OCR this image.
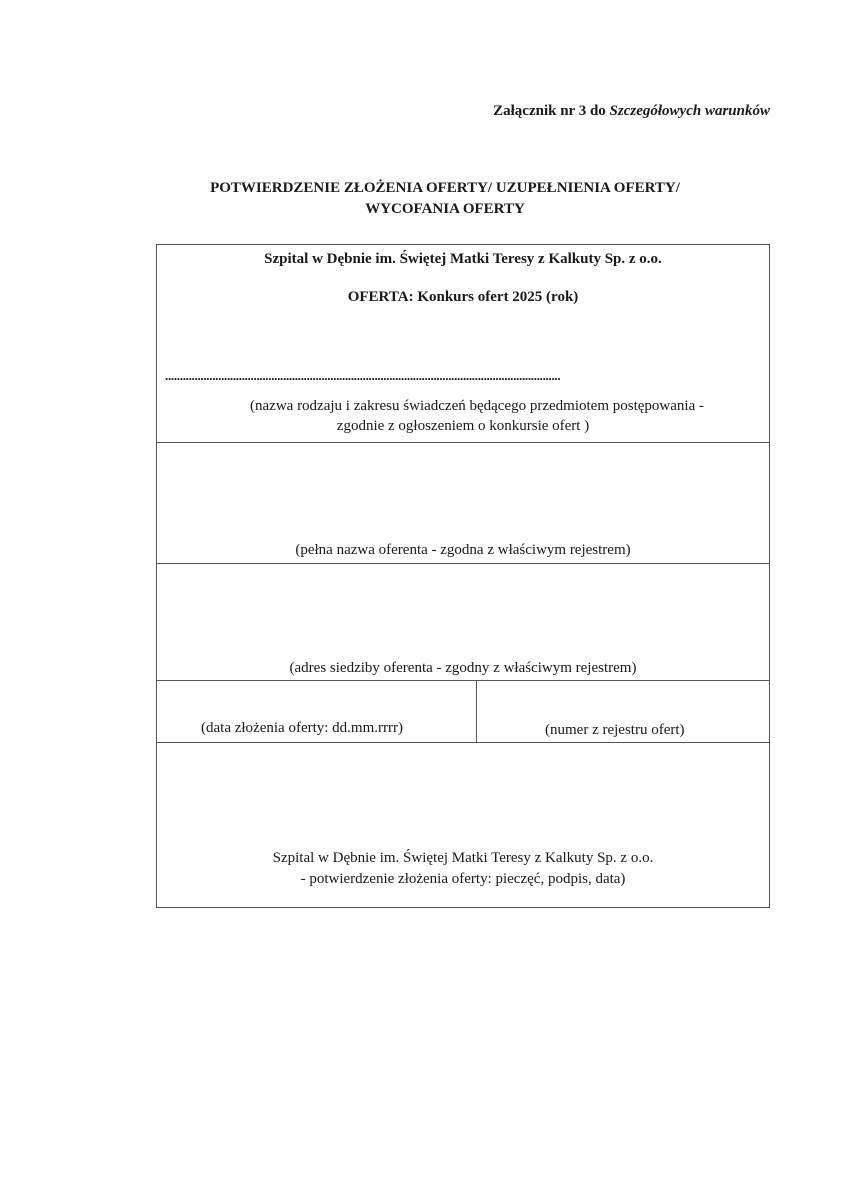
Załącznik nr 3 do Szczegółowych warunków
POTWIERDZENIE ZŁOŻENIA OFERTY/ UZUPEŁNIENIA OFERTY/
WYCOFANIA OFERTY
Szpital w Dębnie im. Świętej Matki Teresy z Kalkuty Sp. z o.o.
OFERTA: Konkurs ofert 2025 (rok)
......................................................................................................................................
(nazwa rodzaju i zakresu świadczeń będącego przedmiotem postępowania -
zgodnie z ogłoszeniem o konkursie ofert )
(pełna nazwa oferenta - zgodna z właściwym rejestrem)
(adres siedziby oferenta - zgodny z właściwym rejestrem)
(data złożenia oferty: dd.mm.rrrr)	(numer z rejestru ofert)
Szpital w Dębnie im. Świętej Matki Teresy z Kalkuty Sp. z o.o.
- potwierdzenie złożenia oferty: pieczęć, podpis, data)
